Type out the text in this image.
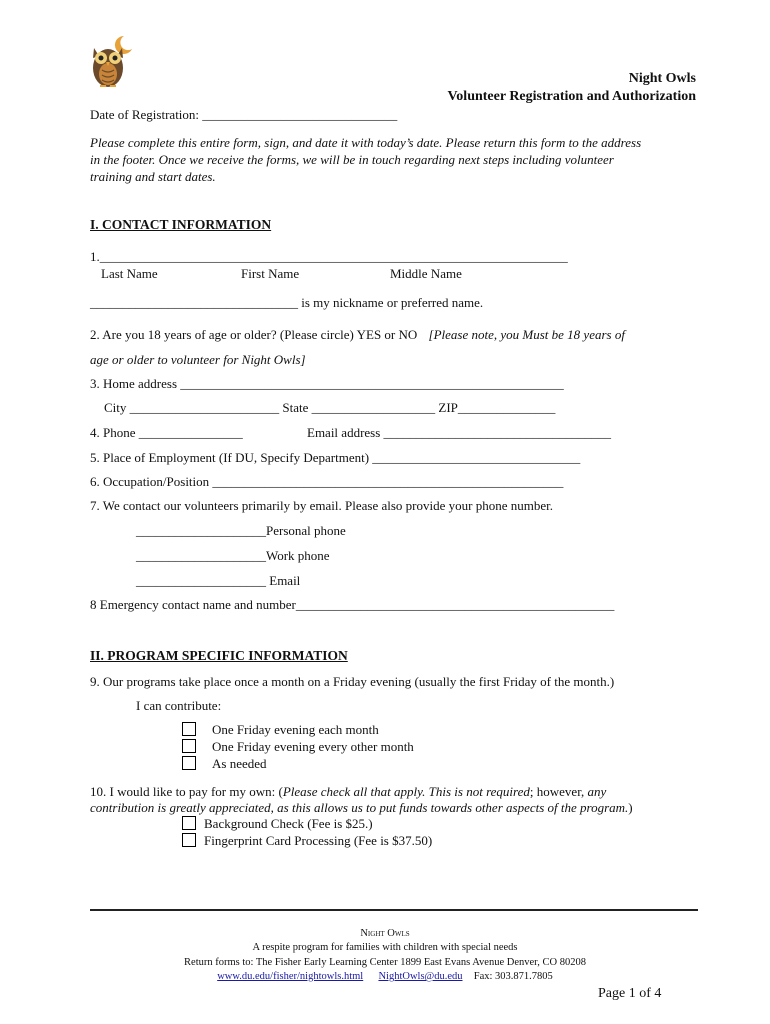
Night Owls
Volunteer Registration and Authorization
Date of Registration: ______________________________
Please complete this entire form, sign, and date it with today’s date. Please return this form to the address
in the footer. Once we receive the forms, we will be in touch regarding next steps including volunteer
training and start dates.
I. CONTACT INFORMATION
1.________________________________________________________________________
Last Name	First Name	Middle Name
________________________________ is my nickname or preferred name.
2. Are you 18 years of age or older? (Please circle) YES or NO [Please note, you Must be 18 years of
age or older to volunteer for Night Owls]
3. Home address ___________________________________________________________
City _______________________ State ___________________ ZIP_______________
4. Phone ________________	Email address ___________________________________
5. Place of Employment (If DU, Specify Department) ________________________________
6. Occupation/Position ______________________________________________________
7. We contact our volunteers primarily by email. Please also provide your phone number.
____________________Personal phone
____________________Work phone
____________________ Email
8 Emergency contact name and number_________________________________________________
II. PROGRAM SPECIFIC INFORMATION
9. Our programs take place once a month on a Friday evening (usually the first Friday of the month.)
I can contribute:
One Friday evening each month
One Friday evening every other month
As needed
10. I would like to pay for my own: (Please check all that apply. This is not required; however, any
contribution is greatly appreciated, as this allows us to put funds towards other aspects of the program.)
Background Check (Fee is $25.)
Fingerprint Card Processing (Fee is $37.50)
Night Owls
A respite program for families with children with special needs
Return forms to: The Fisher Early Learning Center 1899 East Evans Avenue Denver, CO 80208
www.du.edu/fisher/nightowls.html NightOwls@du.edu Fax: 303.871.7805
Page 1 of 4
